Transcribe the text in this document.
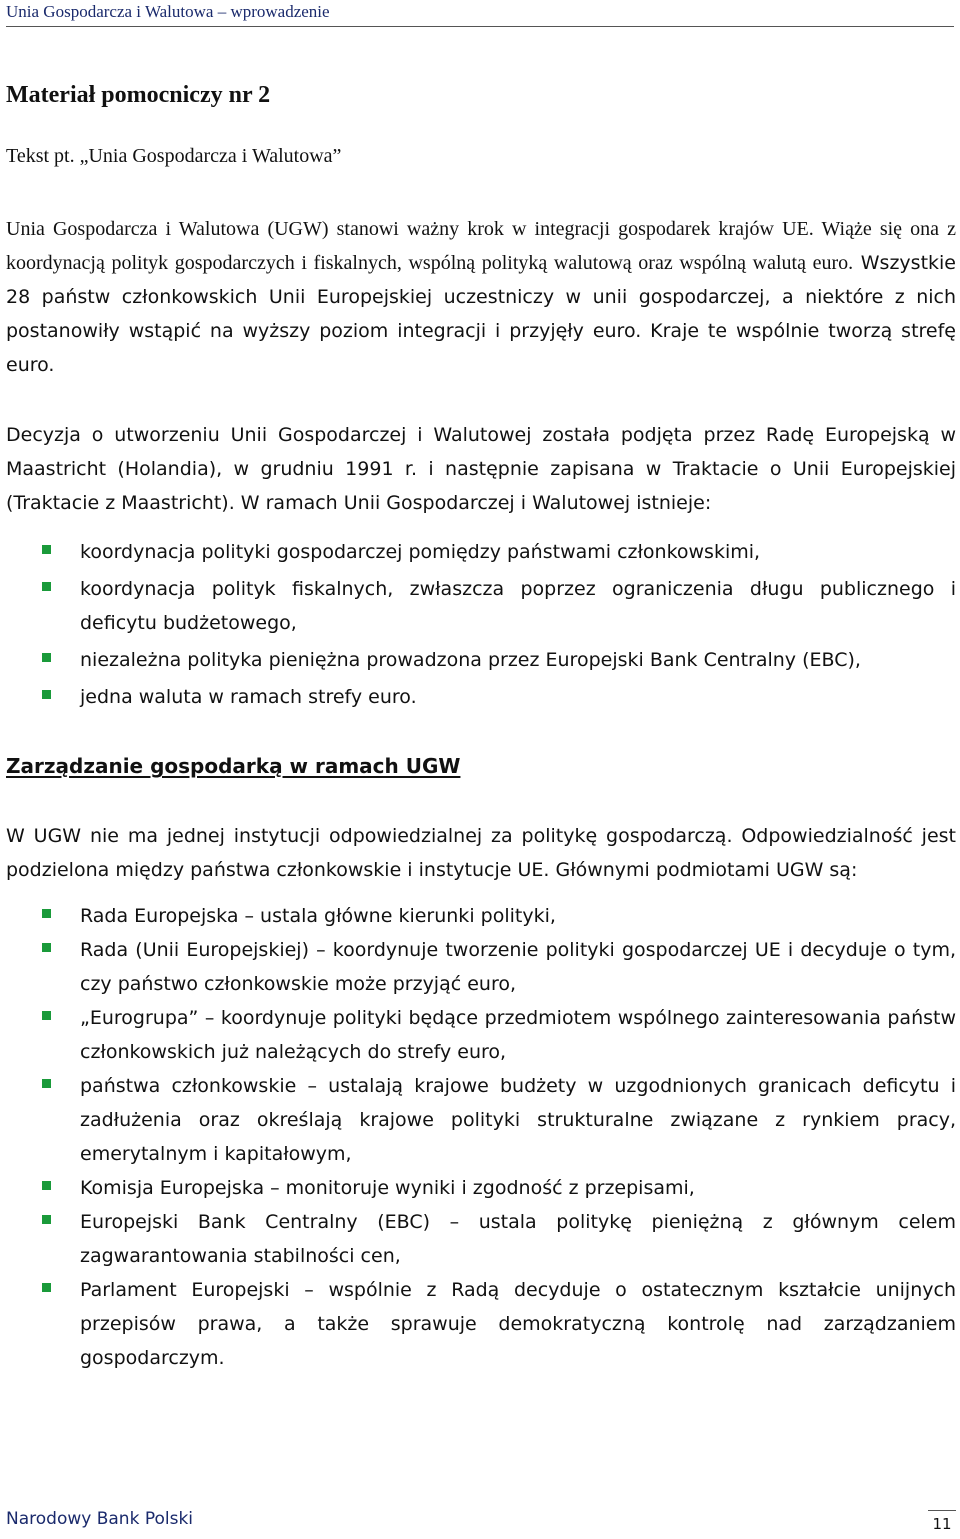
Unia Gospodarcza i Walutowa – wprowadzenie
Materiał pomocniczy nr 2
Tekst pt. „Unia Gospodarcza i Walutowa”
Unia Gospodarcza i Walutowa (UGW) stanowi ważny krok w integracji gospodarek krajów UE. Wiąże się ona z koordynacją polityk gospodarczych i fiskalnych, wspólną polityką walutową oraz wspólną walutą euro. Wszystkie 28 państw członkowskich Unii Europejskiej uczestniczy w unii gospodarczej, a niektóre z nich postanowiły wstąpić na wyższy poziom integracji i przyjęły euro. Kraje te wspólnie tworzą strefę euro.
Decyzja o utworzeniu Unii Gospodarczej i Walutowej została podjęta przez Radę Europejską w Maastricht (Holandia), w grudniu 1991 r. i następnie zapisana w Traktacie o Unii Europejskiej (Traktacie z Maastricht). W ramach Unii Gospodarczej i Walutowej istnieje:
koordynacja polityki gospodarczej pomiędzy państwami członkowskimi,
koordynacja polityk fiskalnych, zwłaszcza poprzez ograniczenia długu publicznego i deficytu budżetowego,
niezależna polityka pieniężna prowadzona przez Europejski Bank Centralny (EBC),
jedna waluta w ramach strefy euro.
Zarządzanie gospodarką w ramach UGW
W UGW nie ma jednej instytucji odpowiedzialnej za politykę gospodarczą. Odpowiedzialność jest podzielona między państwa członkowskie i instytucje UE. Głównymi podmiotami UGW są:
Rada Europejska – ustala główne kierunki polityki,
Rada (Unii Europejskiej) – koordynuje tworzenie polityki gospodarczej UE i decyduje o tym, czy państwo członkowskie może przyjąć euro,
„Eurogrupa” – koordynuje polityki będące przedmiotem wspólnego zainteresowania państw członkowskich już należących do strefy euro,
państwa członkowskie – ustalają krajowe budżety w uzgodnionych granicach deficytu i zadłużenia oraz określają krajowe polityki strukturalne związane z rynkiem pracy, emerytalnym i kapitałowym,
Komisja Europejska – monitoruje wyniki i zgodność z przepisami,
Europejski Bank Centralny (EBC) – ustala politykę pieniężną z głównym celem zagwarantowania stabilności cen,
Parlament Europejski – wspólnie z Radą decyduje o ostatecznym kształcie unijnych przepisów prawa, a także sprawuje demokratyczną kontrolę nad zarządzaniem gospodarczym.
Narodowy Bank Polski	11
